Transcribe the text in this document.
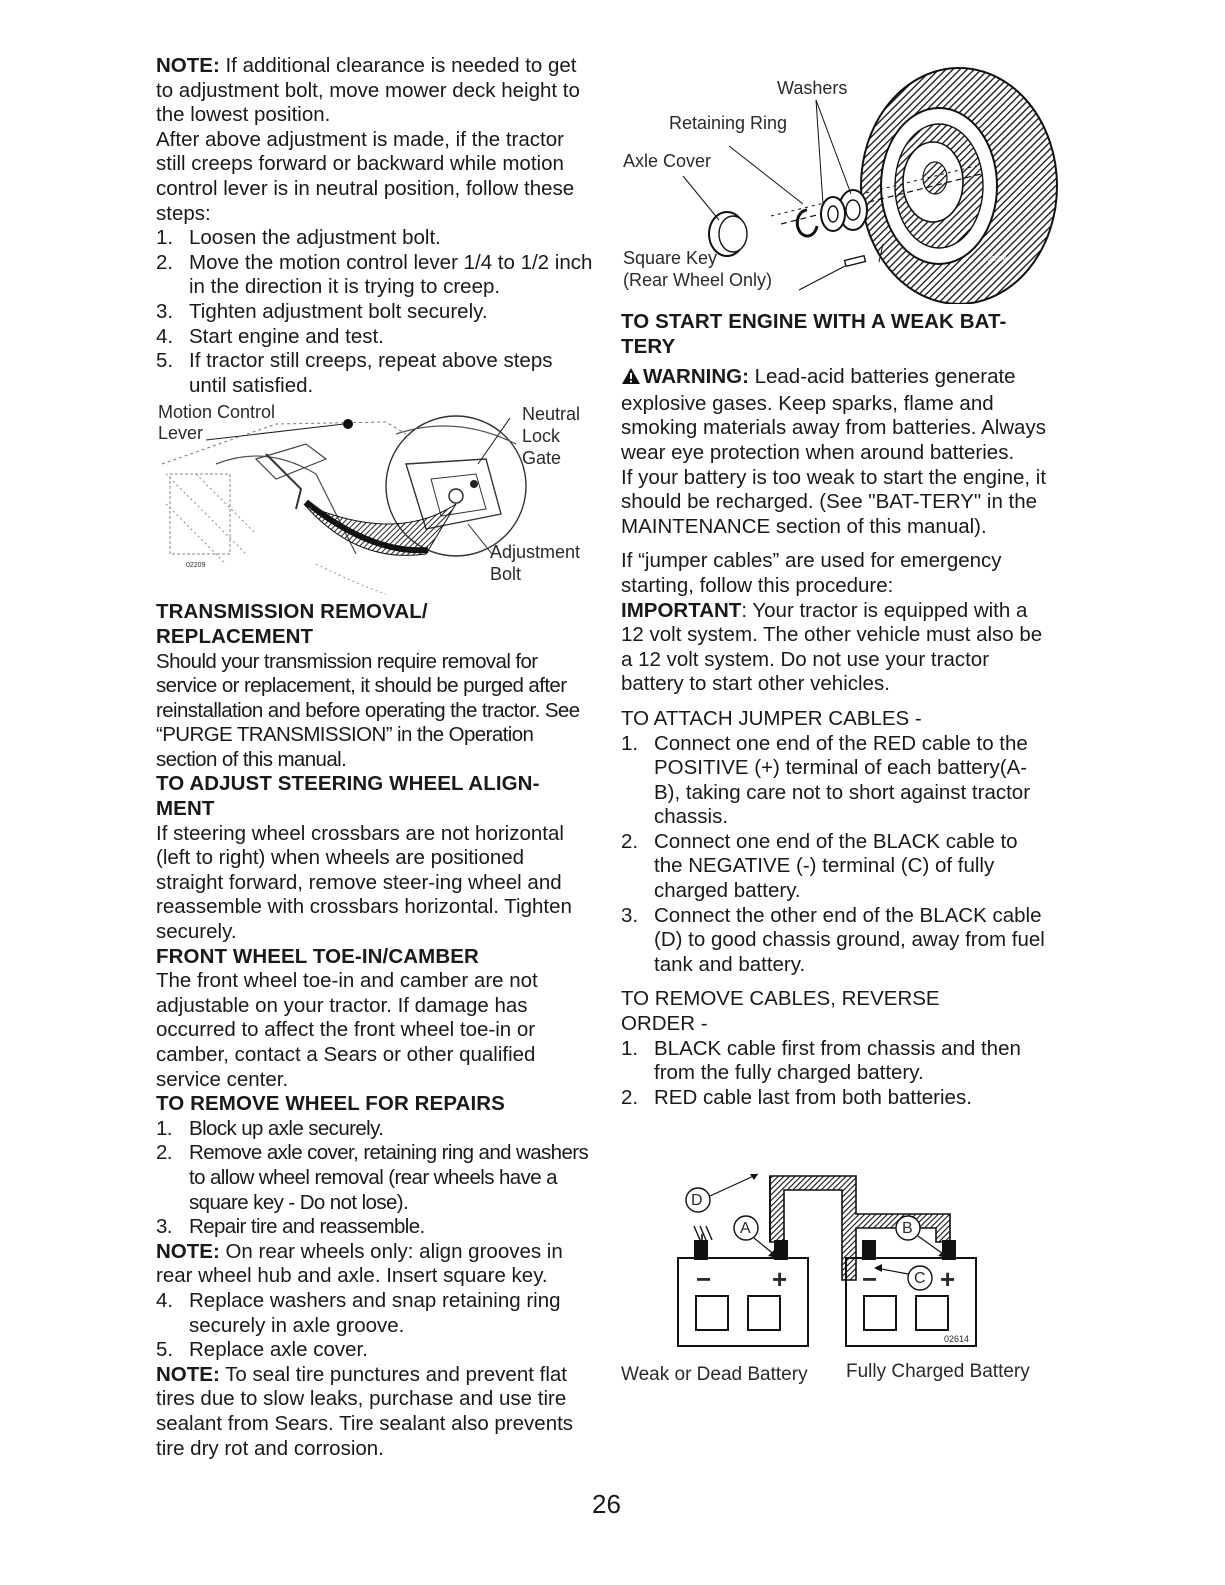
NOTE: If additional clearance is needed to get to adjustment bolt, move mower deck height to the lowest position.

After above adjustment is made, if the tractor still creeps forward or backward while motion control lever is in neutral position, follow these steps:

1. Loosen the adjustment bolt.
2. Move the motion control lever 1/4 to 1/2 inch in the direction it is trying to creep.
3. Tighten adjustment bolt securely.
4. Start engine and test.
5. If tractor still creeps, repeat above steps until satisfied.
Motion Control
Lever
Neutral
Lock
Gate
Adjustment
Bolt
02209

TRANSMISSION REMOVAL/

REPLACEMENT

Should your transmission require removal for service or replacement, it should be purged after reinstallation and before operating the tractor. See “PURGE TRANSMISSION” in the Operation section of this manual.

TO ADJUST STEERING WHEEL ALIGN-MENT

If steering wheel crossbars are not horizontal (left to right) when wheels are positioned straight forward, remove steer-ing wheel and reassemble with crossbars horizontal. Tighten securely.

FRONT WHEEL TOE-IN/CAMBER

The front wheel toe-in and camber are not adjustable on your tractor. If damage has occurred to affect the front wheel toe-in or camber, contact a Sears or other qualified service center.

TO REMOVE WHEEL FOR REPAIRS

1. Block up axle securely.
2. Remove axle cover, retaining ring and washers to allow wheel removal (rear wheels have a square key - Do not lose).
3. Repair tire and reassemble.

NOTE: On rear wheels only: align grooves in rear wheel hub and axle. Insert square key.

4. Replace washers and snap retaining ring securely in axle groove.
5. Replace axle cover.

NOTE: To seal tire punctures and prevent flat tires due to slow leaks, purchase and use tire sealant from Sears. Tire sealant also prevents tire dry rot and corrosion.

Washers
Retaining Ring
Axle Cover
Square Key
(Rear Wheel Only)
02068

TO START ENGINE WITH A WEAK BAT-TERY

WARNING: Lead-acid batteries generate explosive gases. Keep sparks, flame and smoking materials away from batteries. Always wear eye protection when around batteries.

If your battery is too weak to start the engine, it should be recharged. (See "BAT-TERY" in the MAINTENANCE section of this manual).

If “jumper cables” are used for emergency starting, follow this procedure:

IMPORTANT: Your tractor is equipped with a 12 volt system. The other vehicle must also be a 12 volt system. Do not use your tractor battery to start other vehicles.

TO ATTACH JUMPER CABLES -

1. Connect one end of the RED cable to the POSITIVE (+) terminal of each battery(A-B), taking care not to short against tractor chassis.
2. Connect one end of the BLACK cable to the NEGATIVE (-) terminal (C) of fully charged battery.
3. Connect the other end of the BLACK cable (D) to good chassis ground, away from fuel tank and battery.

TO REMOVE CABLES, REVERSE ORDER -

1. BLACK cable first from chassis and then from the fully charged battery.
2. RED cable last from both batteries.
D
A	B
C
− +	− +
02614
Weak or Dead Battery Fully Charged Battery
26
